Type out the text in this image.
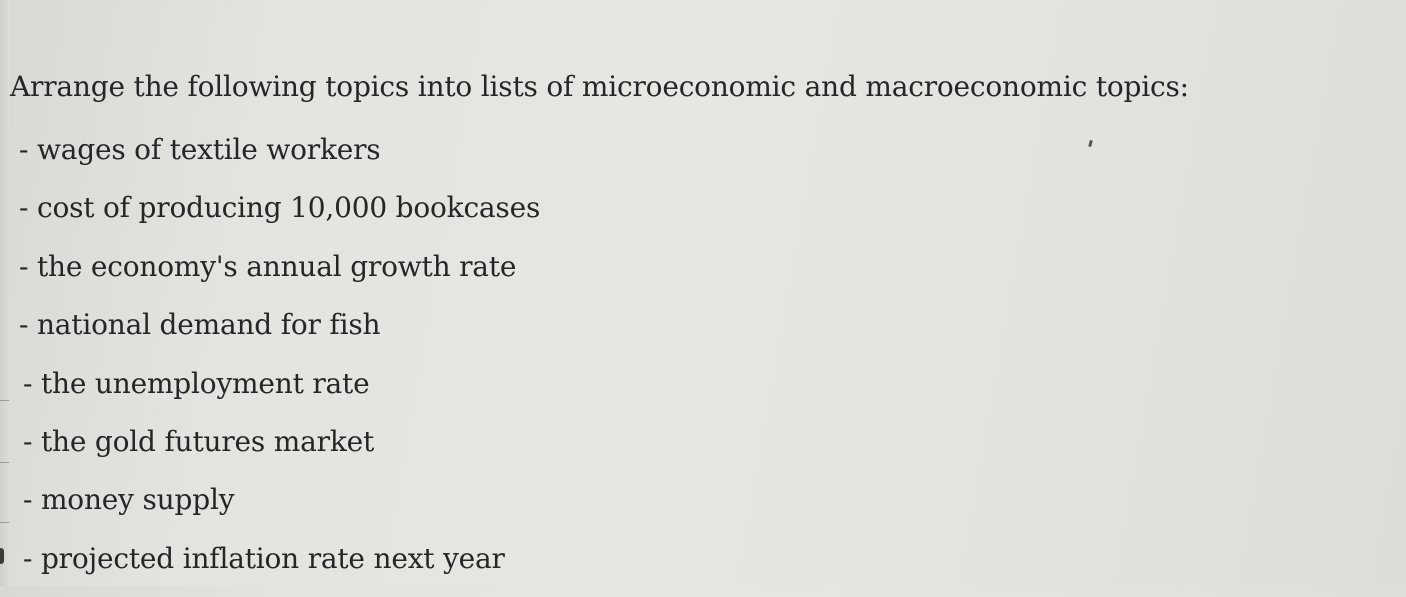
Arrange the following topics into lists of microeconomic and macroeconomic topics:
- wages of textile workers
- cost of producing 10,000 bookcases
- the economy's annual growth rate
- national demand for fish
- the unemployment rate
- the gold futures market
- money supply
- projected inflation rate next year
